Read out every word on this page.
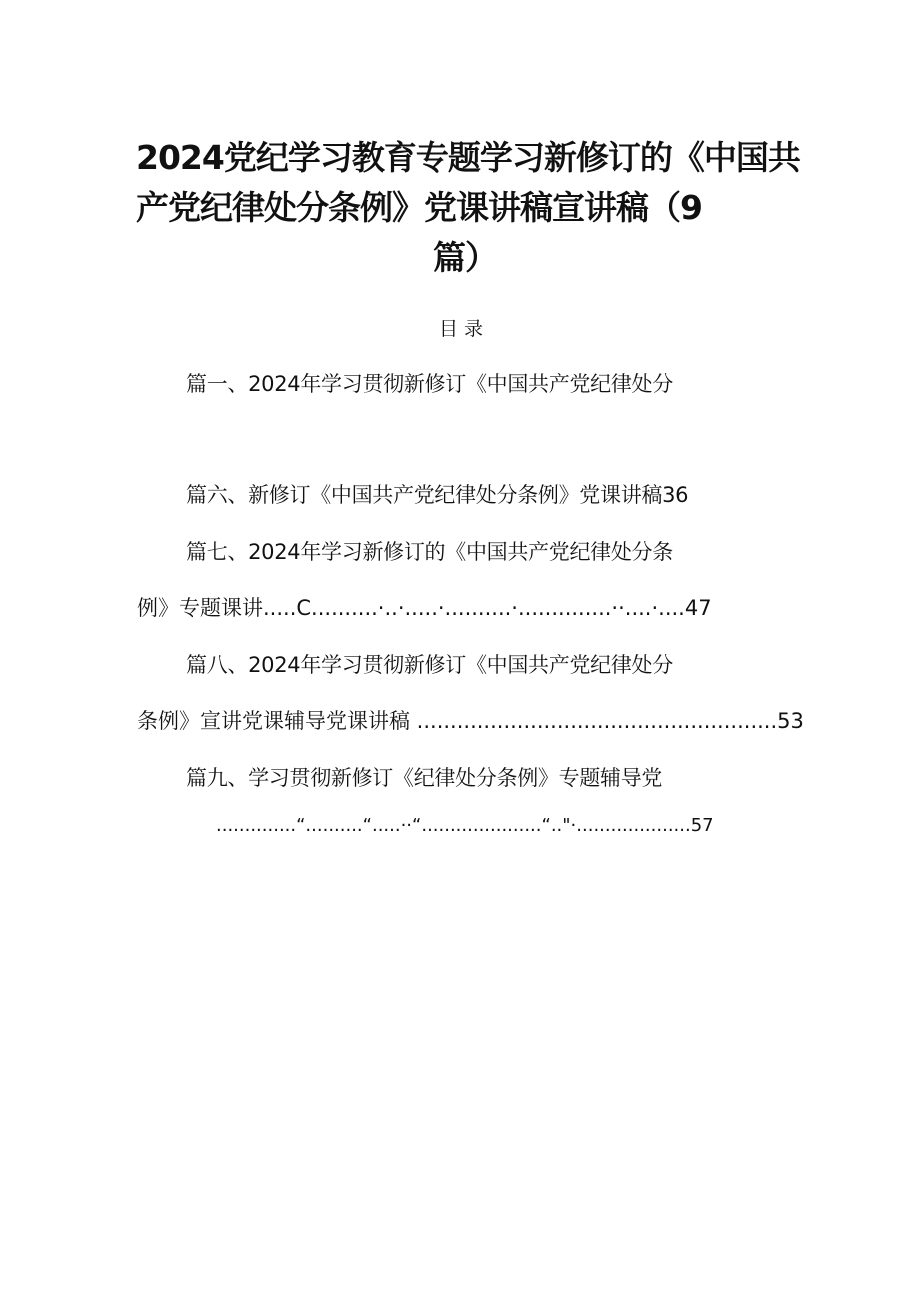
2024党纪学习教育专题学习新修订的《中国共
产党纪律处分条例》党课讲稿宣讲稿（9
篇）
目录
篇一、2024年学习贯彻新修订《中国共产党纪律处分
篇六、新修订《中国共产党纪律处分条例》党课讲稿36
篇七、2024年学习新修订的《中国共产党纪律处分条
例》专题课讲.....C..........·..·.....·..........·..............··....·....47
篇八、2024年学习贯彻新修订《中国共产党纪律处分
条例》宣讲党课辅导党课讲稿 ......................................................53
篇九、学习贯彻新修订《纪律处分条例》专题辅导党
..............“..........“.....··“.....................“.."·....................57
